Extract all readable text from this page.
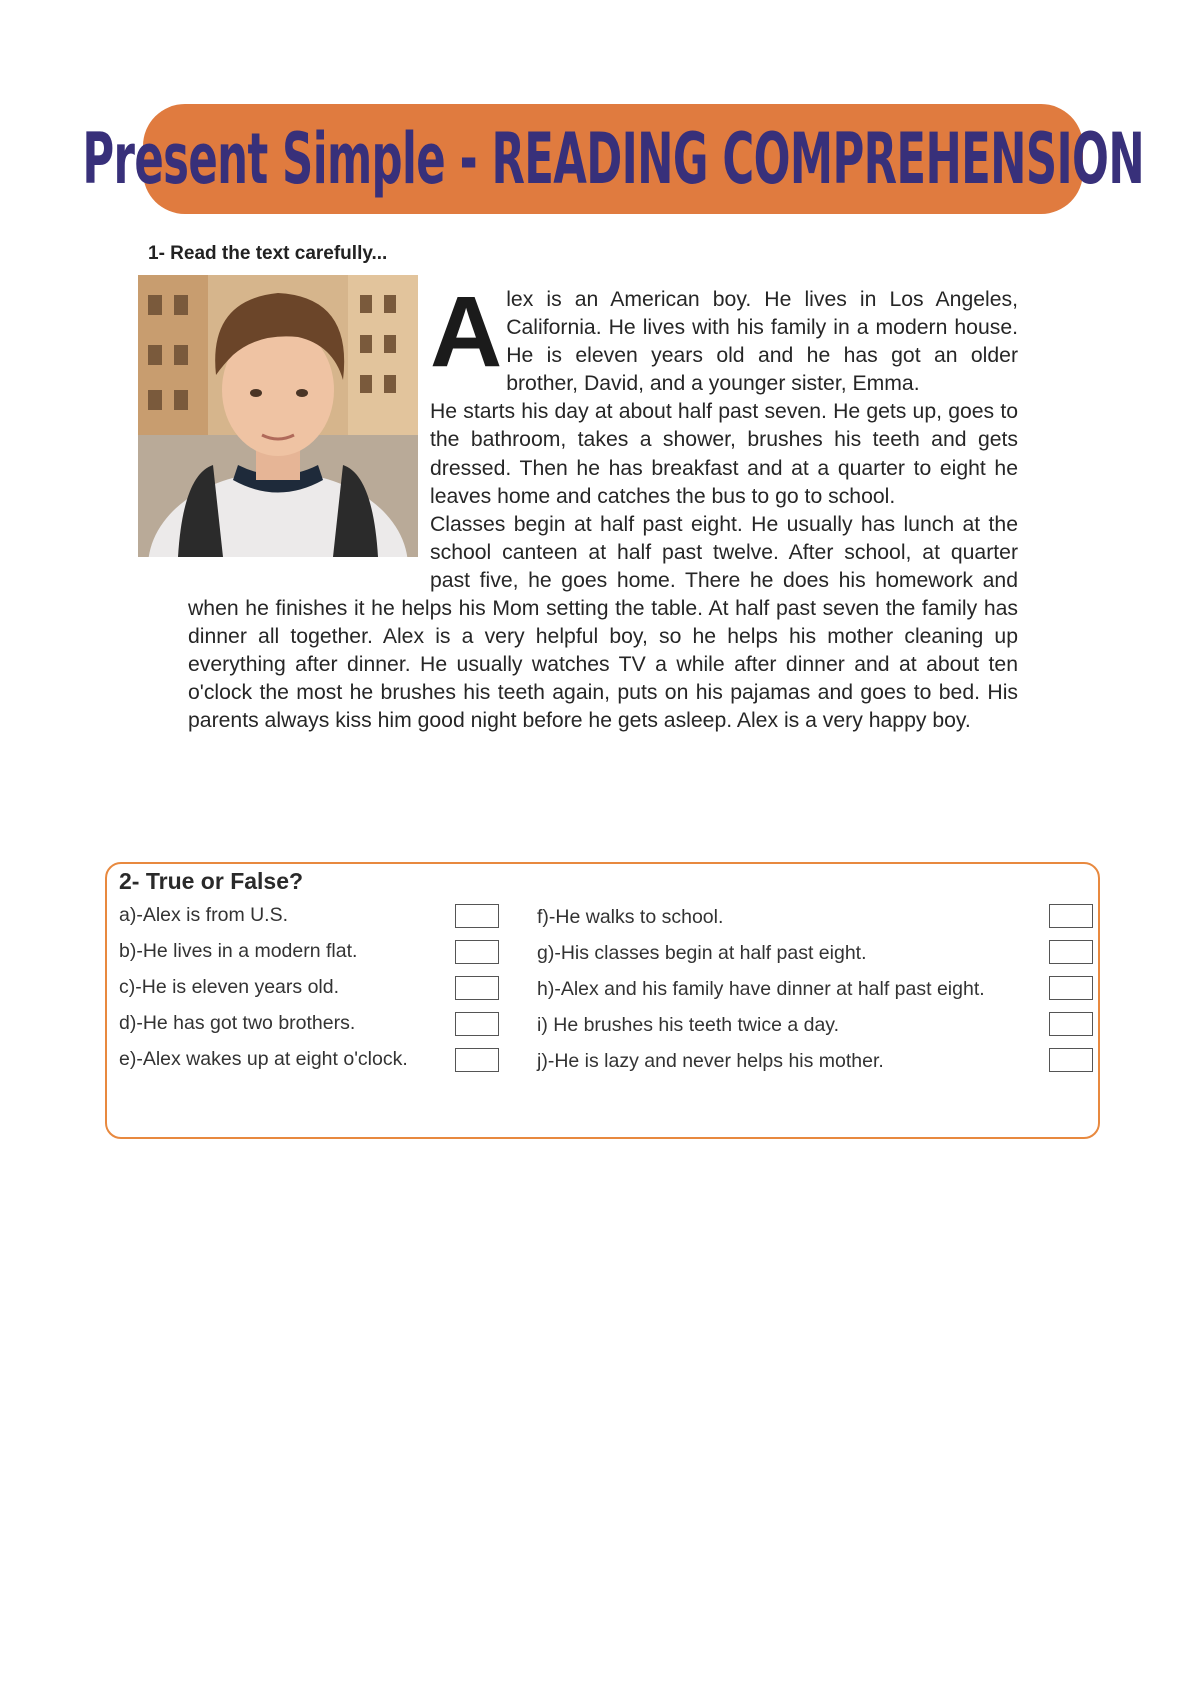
Present Simple - READING COMPREHENSION
1- Read the text carefully...
A lex is an American boy. He lives in Los Angeles, California. He lives with his family in a modern house. He is eleven years old and he has got an older brother, David, and a younger sister, Emma.

He starts his day at about half past seven. He gets up, goes to the bathroom, takes a shower, brushes his teeth and gets dressed. Then he has breakfast and at a quarter to eight he leaves home and catches the bus to go to school.

Classes begin at half past eight. He usually has lunch at the school canteen at half past twelve. After school, at quarter past five, he goes home. There he does his homework and when he finishes it he helps his Mom setting the table. At half past seven the family has dinner all together. Alex is a very helpful boy, so he helps his mother cleaning up everything after dinner. He usually watches TV a while after dinner and at about ten o'clock the most he brushes his teeth again, puts on his pajamas and goes to bed. His parents always kiss him good night before he gets asleep. Alex is a very happy boy.

2- True or False?
a)-Alex is from U.S.
b)-He lives in a modern flat.
c)-He is eleven years old.
d)-He has got two brothers.
e)-Alex wakes up at eight o'clock.
f)-He walks to school.
g)-His classes begin at half past eight.
h)-Alex and his family have dinner at half past eight.
i) He brushes his teeth twice a day.
j)-He is lazy and never helps his mother.
